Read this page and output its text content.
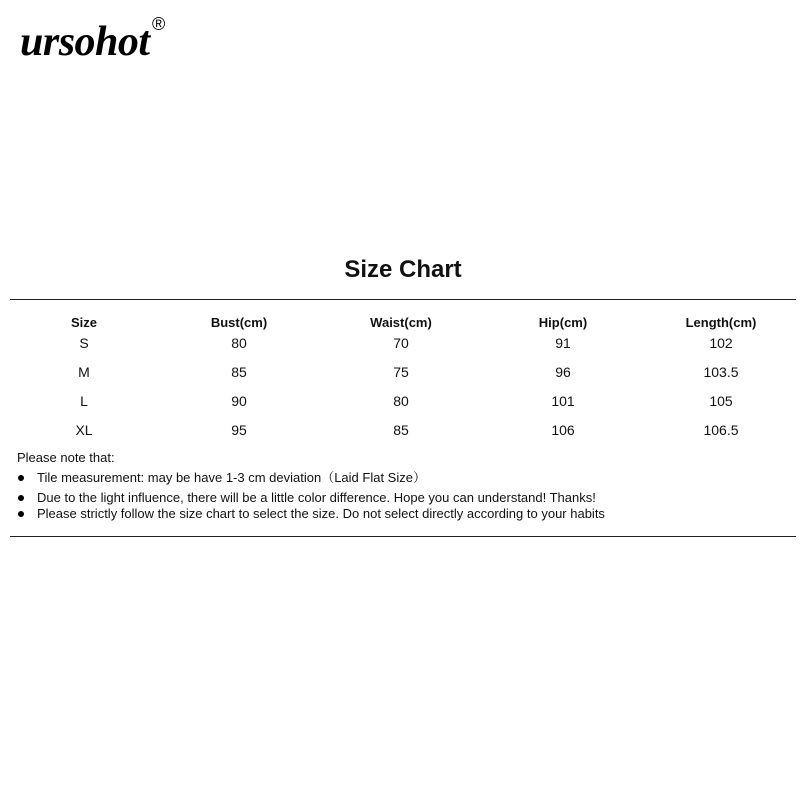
ursohot ®
Size Chart
Size	Bust(cm)	Waist(cm)	Hip(cm)	Length(cm)
S	80	70	91	102
M	85	75	96	103.5
L	90	80	101	105
XL	95	85	106	106.5
Please note that:
Tile measurement: may be have 1-3 cm deviation（Laid Flat Size）
Due to the light influence, there will be a little color difference. Hope you can understand! Thanks!
Please strictly follow the size chart to select the size. Do not select directly according to your habits
